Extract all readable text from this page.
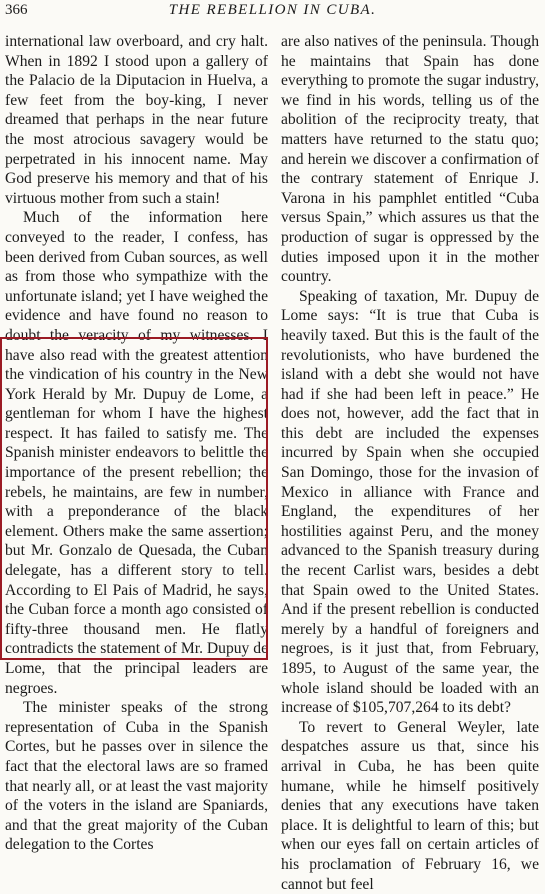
366	THE REBELLION IN CUBA.

international law overboard, and cry halt. When in 1892 I stood upon a gallery of the Palacio de la Diputacion in Huelva, a few feet from the boy-king, I never dreamed that perhaps in the near future the most atrocious savagery would be perpetrated in his innocent name. May God preserve his memory and that of his virtuous mother from such a stain!

Much of the information here conveyed to the reader, I confess, has been derived from Cuban sources, as well as from those who sympathize with the unfortunate island; yet I have weighed the evidence and have found no reason to doubt the veracity of my witnesses. I have also read with the greatest attention the vindication of his country in the New York Herald by Mr. Dupuy de Lome, a gentleman for whom I have the highest respect. It has failed to satisfy me. The Spanish minister endeavors to belittle the importance of the present rebellion; the rebels, he maintains, are few in number, with a preponderance of the black element. Others make the same assertion; but Mr. Gonzalo de Quesada, the Cuban delegate, has a different story to tell. According to El Pais of Madrid, he says, the Cuban force a month ago consisted of fifty-three thousand men. He flatly contradicts the statement of Mr. Dupuy de Lome, that the principal leaders are negroes.

The minister speaks of the strong representation of Cuba in the Spanish Cortes, but he passes over in silence the fact that the electoral laws are so framed that nearly all, or at least the vast majority of the voters in the island are Spaniards, and that the great majority of the Cuban delegation to the Cortes

are also natives of the peninsula. Though he maintains that Spain has done everything to promote the sugar industry, we find in his words, telling us of the abolition of the reciprocity treaty, that matters have returned to the statu quo; and herein we discover a confirmation of the contrary statement of Enrique J. Varona in his pamphlet entitled “Cuba versus Spain,” which assures us that the production of sugar is oppressed by the duties imposed upon it in the mother country.

Speaking of taxation, Mr. Dupuy de Lome says: “It is true that Cuba is heavily taxed. But this is the fault of the revolutionists, who have burdened the island with a debt she would not have had if she had been left in peace.” He does not, however, add the fact that in this debt are included the expenses incurred by Spain when she occupied San Domingo, those for the invasion of Mexico in alliance with France and England, the expenditures of her hostilities against Peru, and the money advanced to the Spanish treasury during the recent Carlist wars, besides a debt that Spain owed to the United States. And if the present rebellion is conducted merely by a handful of foreigners and negroes, is it just that, from February, 1895, to August of the same year, the whole island should be loaded with an increase of $105,707,264 to its debt?

To revert to General Weyler, late despatches assure us that, since his arrival in Cuba, he has been quite humane, while he himself positively denies that any executions have taken place. It is delightful to learn of this; but when our eyes fall on certain articles of his proclamation of February 16, we cannot but feel
